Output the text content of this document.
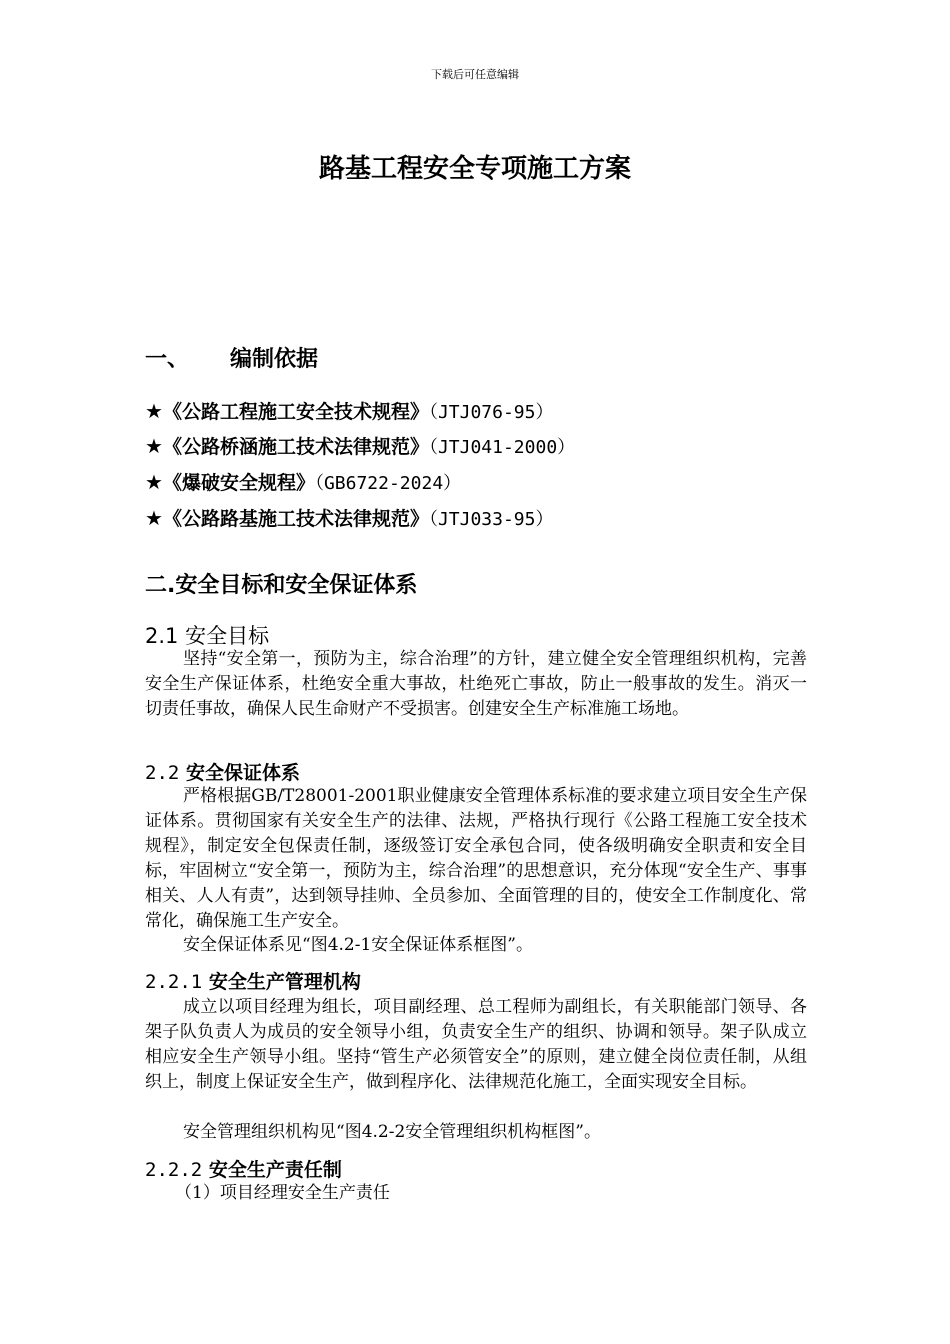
下载后可任意编辑
路基工程安全专项施工方案
一、 编制依据
★《公路工程施工安全技术规程》（JTJ076-95）
★《公路桥涵施工技术法律规范》（JTJ041-2000）
★《爆破安全规程》（GB6722-2024）
★《公路路基施工技术法律规范》（JTJ033-95）
二.安全目标和安全保证体系
2.1 安全目标
坚持“安全第一，预防为主，综合治理”的方针，建立健全安全管理组织机构，完善安全生产保证体系，杜绝安全重大事故，杜绝死亡事故，防止一般事故的发生。消灭一切责任事故，确保人民生命财产不受损害。创建安全生产标准施工场地。
2.2 安全保证体系
严格根据GB/T28001-2001职业健康安全管理体系标准的要求建立项目安全生产保证体系。贯彻国家有关安全生产的法律、法规，严格执行现行《公路工程施工安全技术规程》，制定安全包保责任制，逐级签订安全承包合同，使各级明确安全职责和安全目标，牢固树立“安全第一，预防为主，综合治理”的思想意识，充分体现“安全生产、事事相关、人人有责”，达到领导挂帅、全员参加、全面管理的目的，使安全工作制度化、常常化，确保施工生产安全。
安全保证体系见“图4.2-1安全保证体系框图”。
2.2.1 安全生产管理机构
成立以项目经理为组长，项目副经理、总工程师为副组长，有关职能部门领导、各架子队负责人为成员的安全领导小组，负责安全生产的组织、协调和领导。架子队成立相应安全生产领导小组。坚持“管生产必须管安全”的原则，建立健全岗位责任制，从组织上，制度上保证安全生产，做到程序化、法律规范化施工，全面实现安全目标。
安全管理组织机构见“图4.2-2安全管理组织机构框图”。
2.2.2 安全生产责任制
（1）项目经理安全生产责任
